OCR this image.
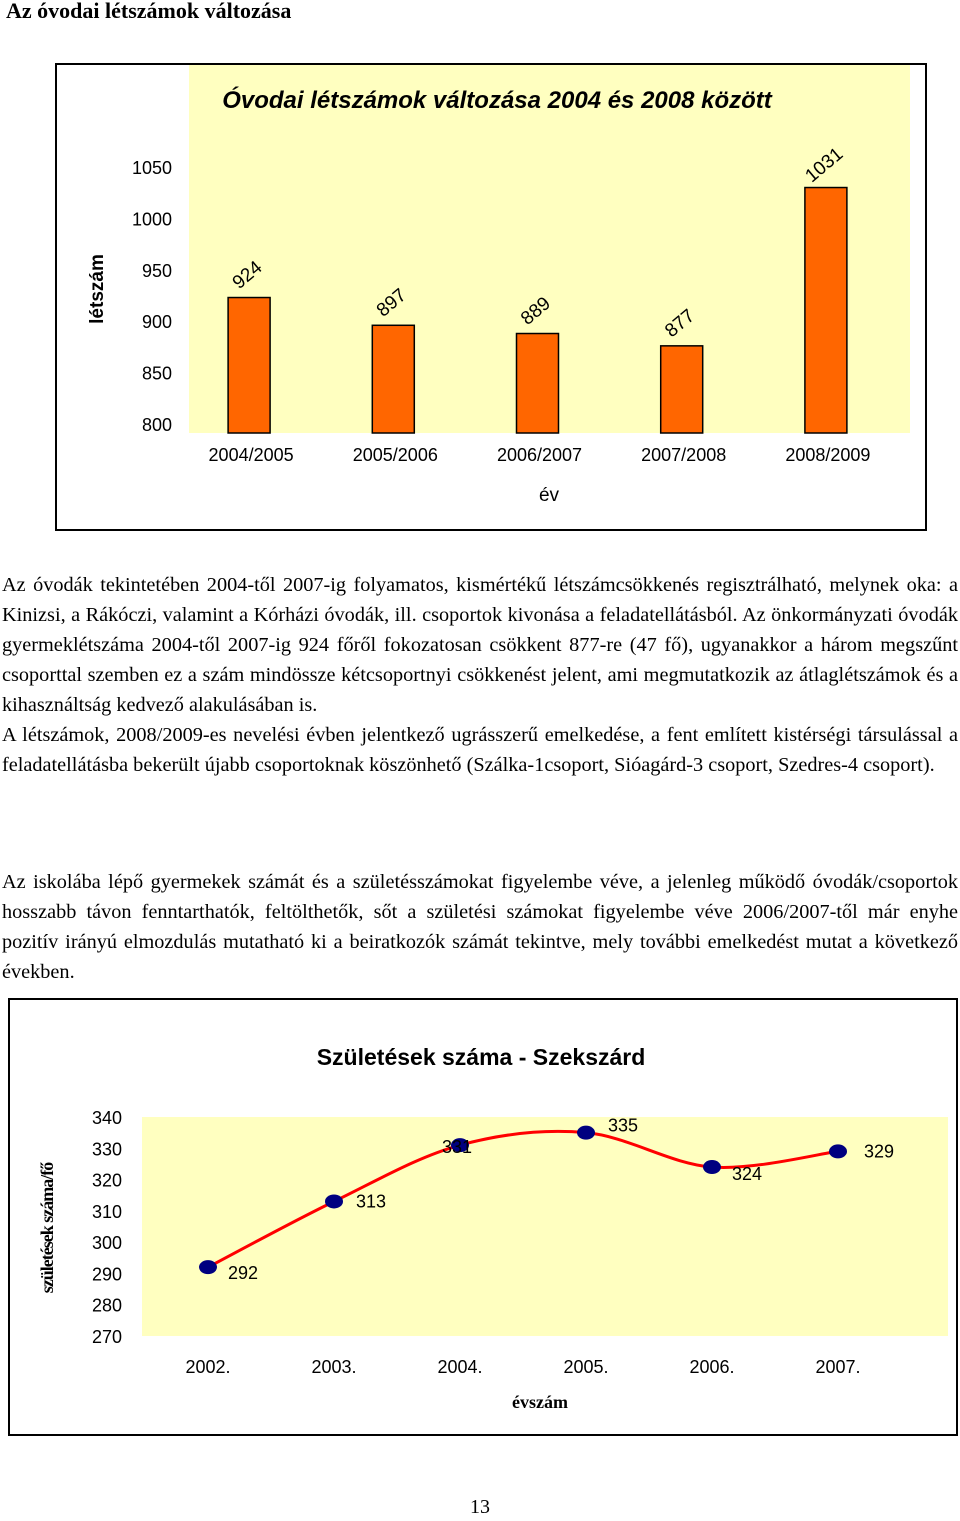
Az óvodai létszámok változása
Óvodai létszámok változása 2004 és 2008 között
létszám
év
800
850
900
950
1000
1050
2004/2005	2005/2006	2006/2007	2007/2008	2008/2009
924
897	889	877
1031
Az óvodák tekintetében 2004-től 2007-ig folyamatos, kismértékű létszámcsökkenés regisztrálható, melynek oka: a Kinizsi, a Rákóczi, valamint a Kórházi óvodák, ill. csoportok kivonása a feladatellátásból. Az önkormányzati óvodák gyermeklétszáma 2004-től 2007-ig 924 főről fokozatosan csökkent 877-re (47 fő), ugyanakkor a három megszűnt csoporttal szemben ez a szám mindössze kétcsoportnyi csökkenést jelent, ami megmutatkozik az átlaglétszámok és a kihasználtság kedvező alakulásában is.
A létszámok, 2008/2009-es nevelési évben jelentkező ugrásszerű emelkedése, a fent említett kistérségi társulással a feladatellátásba bekerült újabb csoportoknak köszönhető (Szálka-1csoport, Sióagárd-3 csoport, Szedres-4 csoport).
Az iskolába lépő gyermekek számát és a születésszámokat figyelembe véve, a jelenleg működő óvodák/csoportok hosszabb távon fenntarthatók, feltölthetők, sőt a születési számokat figyelembe véve 2006/2007-től már enyhe pozitív irányú elmozdulás mutatható ki a beiratkozók számát tekintve, mely további emelkedést mutat a következő években.
Születések száma - Szekszárd
születések száma/fő
évszám
270
280
290
300
310
320
330
340
2002.	2003.	2004.	2005.	2006.	2007.
292
313
331
335
324
329
13
